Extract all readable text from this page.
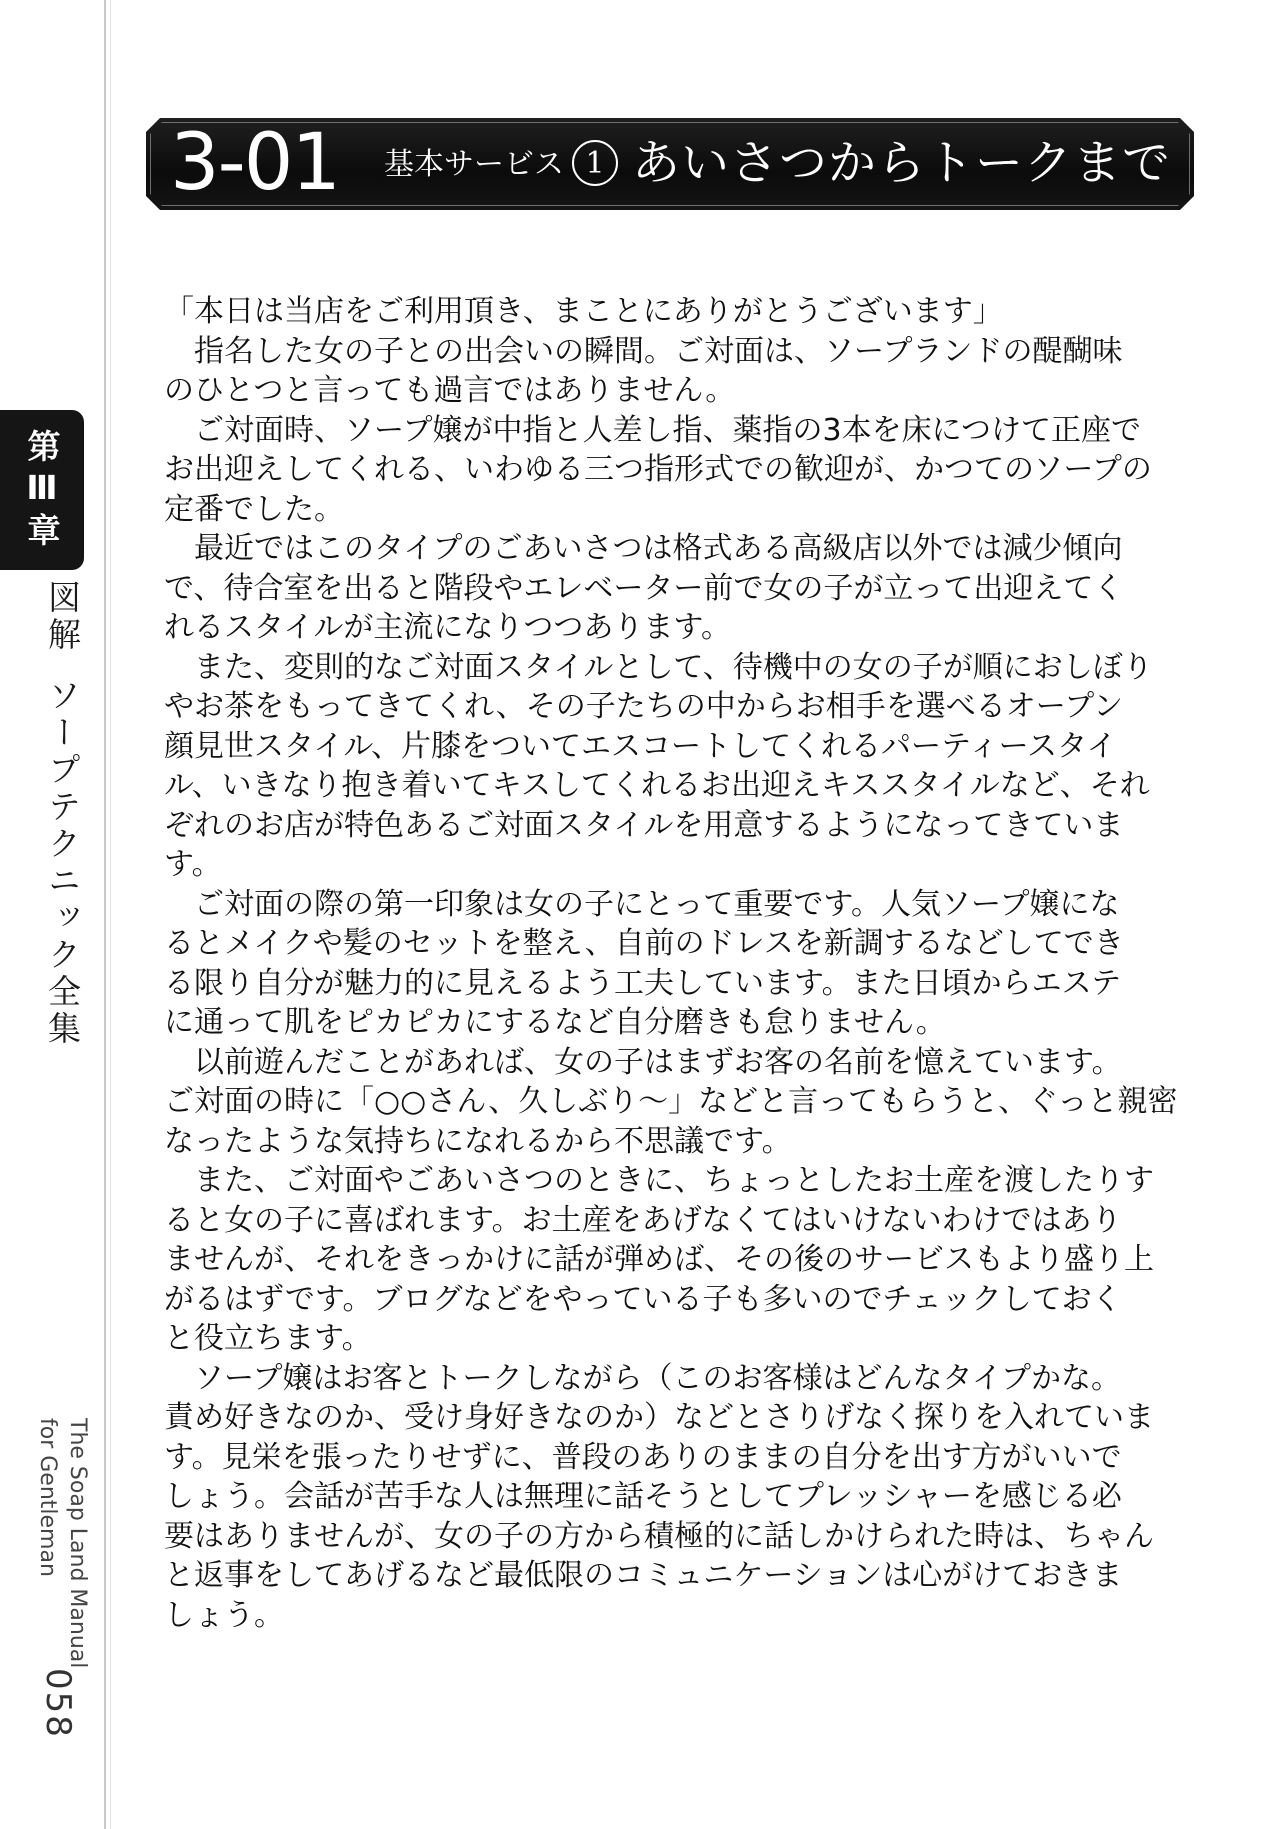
第Ⅲ章
図解ソープテクニック全集
The Soap Land Manual
for Gentleman
058
3-01 基本サービス 1 あいさつからトークまで

「本日は当店をご利用頂き、まことにありがとうございます」

　指名した女の子との出会いの瞬間。ご対面は、ソープランドの醍醐味

のひとつと言っても過言ではありません。

　ご対面時、ソープ嬢が中指と人差し指、薬指の3本を床につけて正座で

お出迎えしてくれる、いわゆる三つ指形式での歓迎が、かつてのソープの

定番でした。

　最近ではこのタイプのごあいさつは格式ある高級店以外では減少傾向

で、待合室を出ると階段やエレベーター前で女の子が立って出迎えてく

れるスタイルが主流になりつつあります。

　また、変則的なご対面スタイルとして、待機中の女の子が順におしぼり

やお茶をもってきてくれ、その子たちの中からお相手を選べるオープン

顔見世スタイル、片膝をついてエスコートしてくれるパーティースタイ

ル、いきなり抱き着いてキスしてくれるお出迎えキススタイルなど、それ

ぞれのお店が特色あるご対面スタイルを用意するようになってきていま

す。

　ご対面の際の第一印象は女の子にとって重要です。人気ソープ嬢にな

るとメイクや髪のセットを整え、自前のドレスを新調するなどしてでき

る限り自分が魅力的に見えるよう工夫しています。また日頃からエステ

に通って肌をピカピカにするなど自分磨きも怠りません。

　以前遊んだことがあれば、女の子はまずお客の名前を憶えています。

ご対面の時に「○○さん、久しぶり～」などと言ってもらうと、ぐっと親密

なったような気持ちになれるから不思議です。

　また、ご対面やごあいさつのときに、ちょっとしたお土産を渡したりす

ると女の子に喜ばれます。お土産をあげなくてはいけないわけではあり

ませんが、それをきっかけに話が弾めば、その後のサービスもより盛り上

がるはずです。ブログなどをやっている子も多いのでチェックしておく

と役立ちます。

　ソープ嬢はお客とトークしながら（このお客様はどんなタイプかな。

責め好きなのか、受け身好きなのか）などとさりげなく探りを入れていま

す。見栄を張ったりせずに、普段のありのままの自分を出す方がいいで

しょう。会話が苦手な人は無理に話そうとしてプレッシャーを感じる必

要はありませんが、女の子の方から積極的に話しかけられた時は、ちゃん

と返事をしてあげるなど最低限のコミュニケーションは心がけておきま

しょう。
